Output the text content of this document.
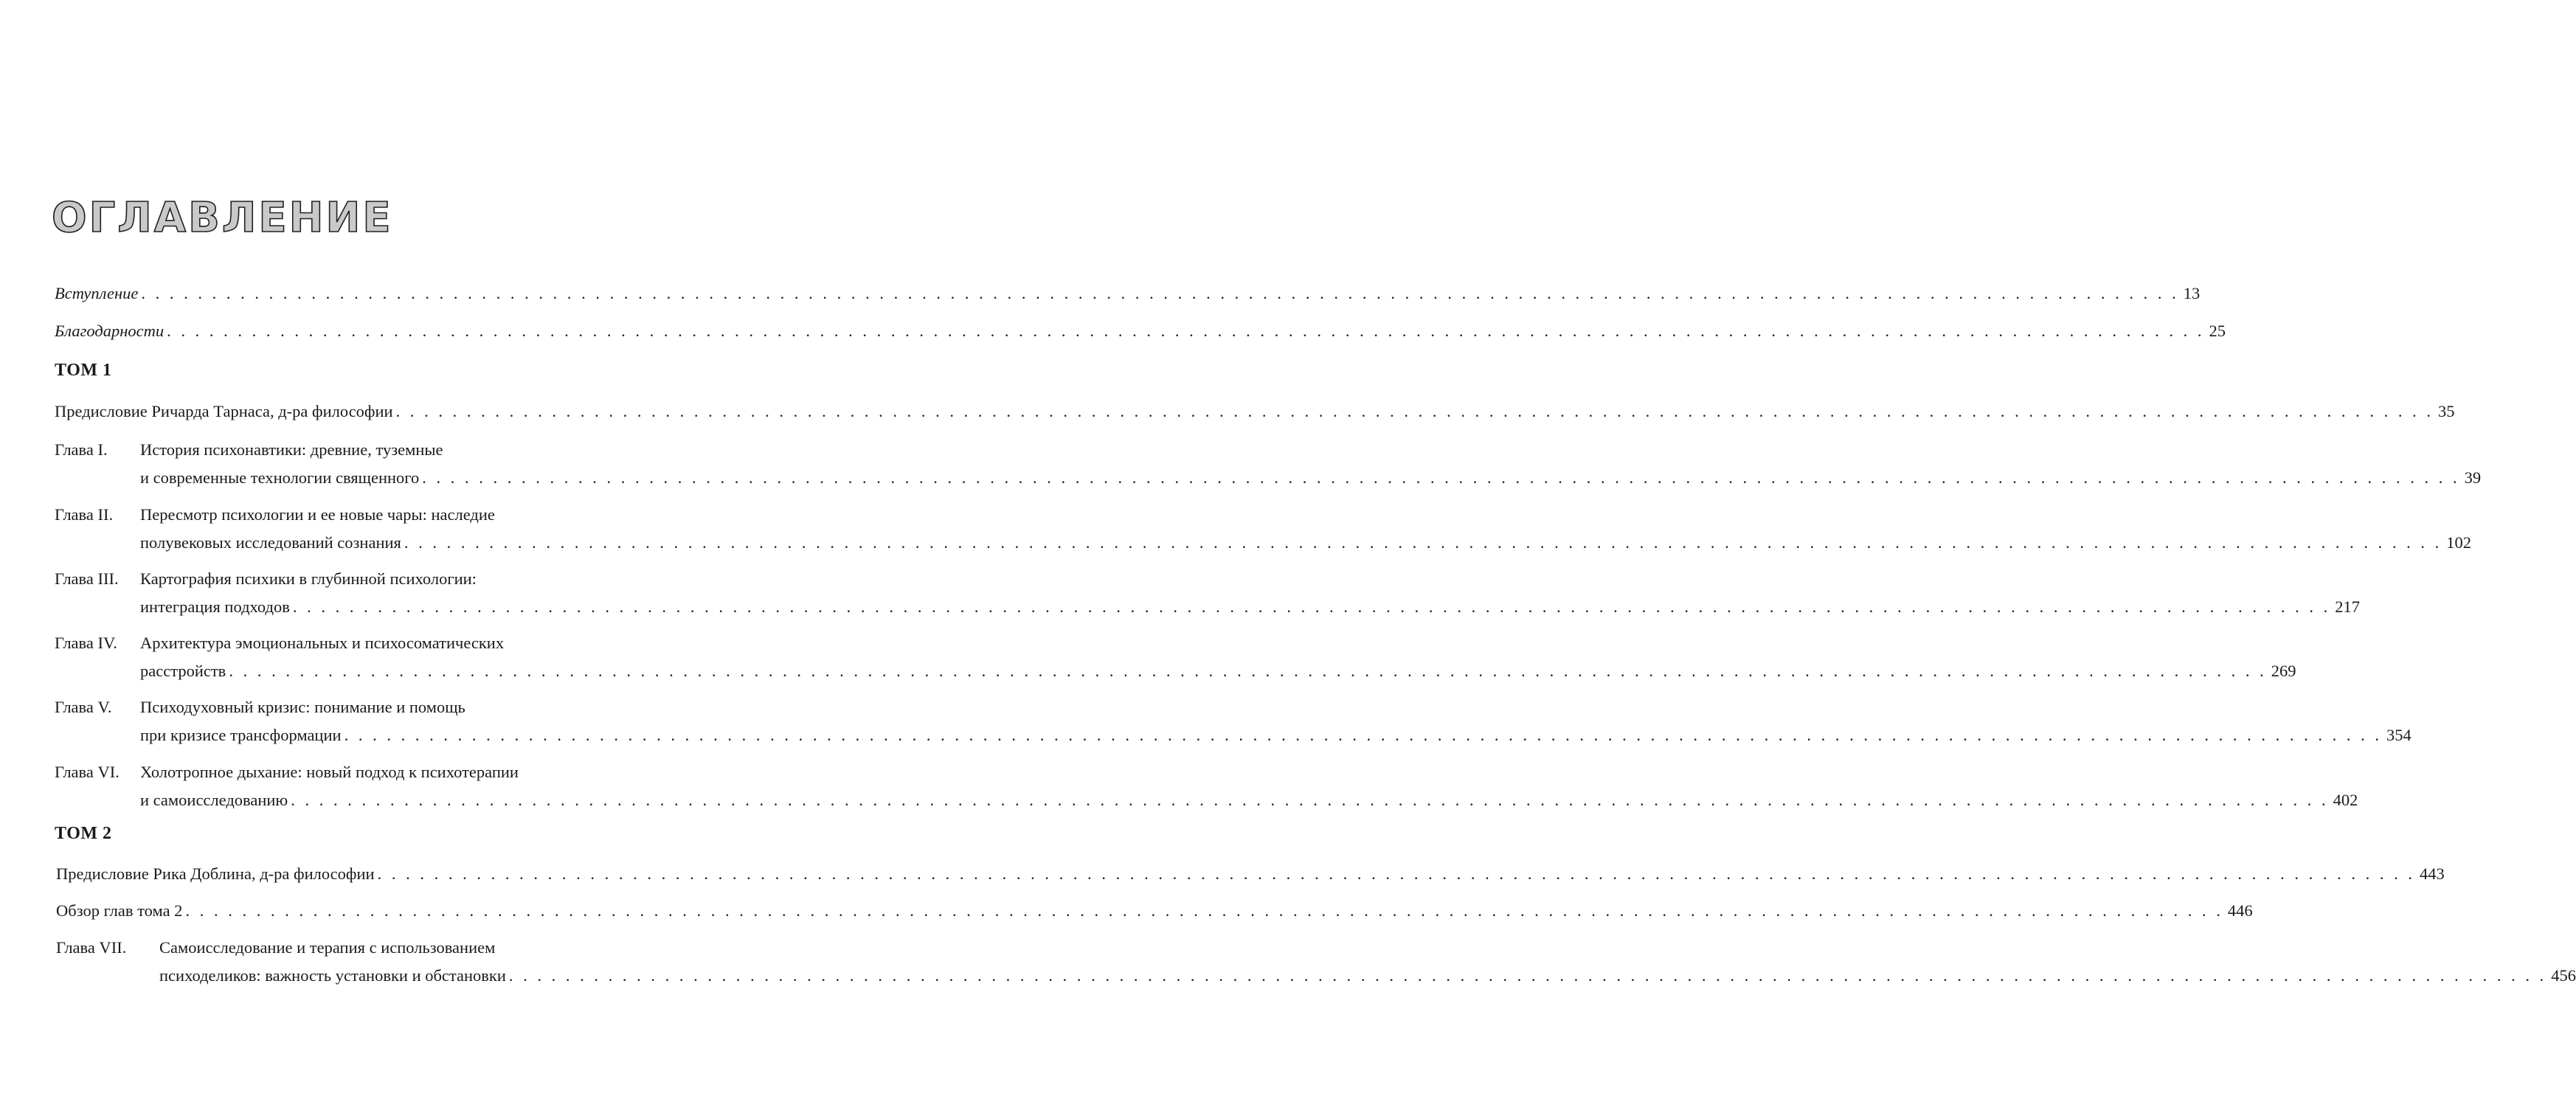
ОГЛАВЛЕНИЕ
Вступление . . .	13
Благодарности . . .	25
ТОМ 1
Предисловие Ричарда Тарнаса, д-ра философии . . .	35
Глава I.	История психонавтики: древние, туземные
и современные технологии священного . . .	39
Глава II.	Пересмотр психологии и ее новые чары: наследие
полувековых исследований сознания . . .	102
Глава III.	Картография психики в глубинной психологии:
интеграция подходов . . .	217
Глава IV.	Архитектура эмоциональных и психосоматических
расстройств . . .	269
Глава V.	Психодуховный кризис: понимание и помощь
при кризисе трансформации . . .	354
Глава VI.	Холотропное дыхание: новый подход к психотерапии
и самоисследованию . . .	402
ТОМ 2
Предисловие Рика Доблина, д-ра философии . . .	443
Обзор глав тома 2 . . .	446
Глава VII.	Самоисследование и терапия с использованием
психоделиков: важность установки и обстановки . . .	456
